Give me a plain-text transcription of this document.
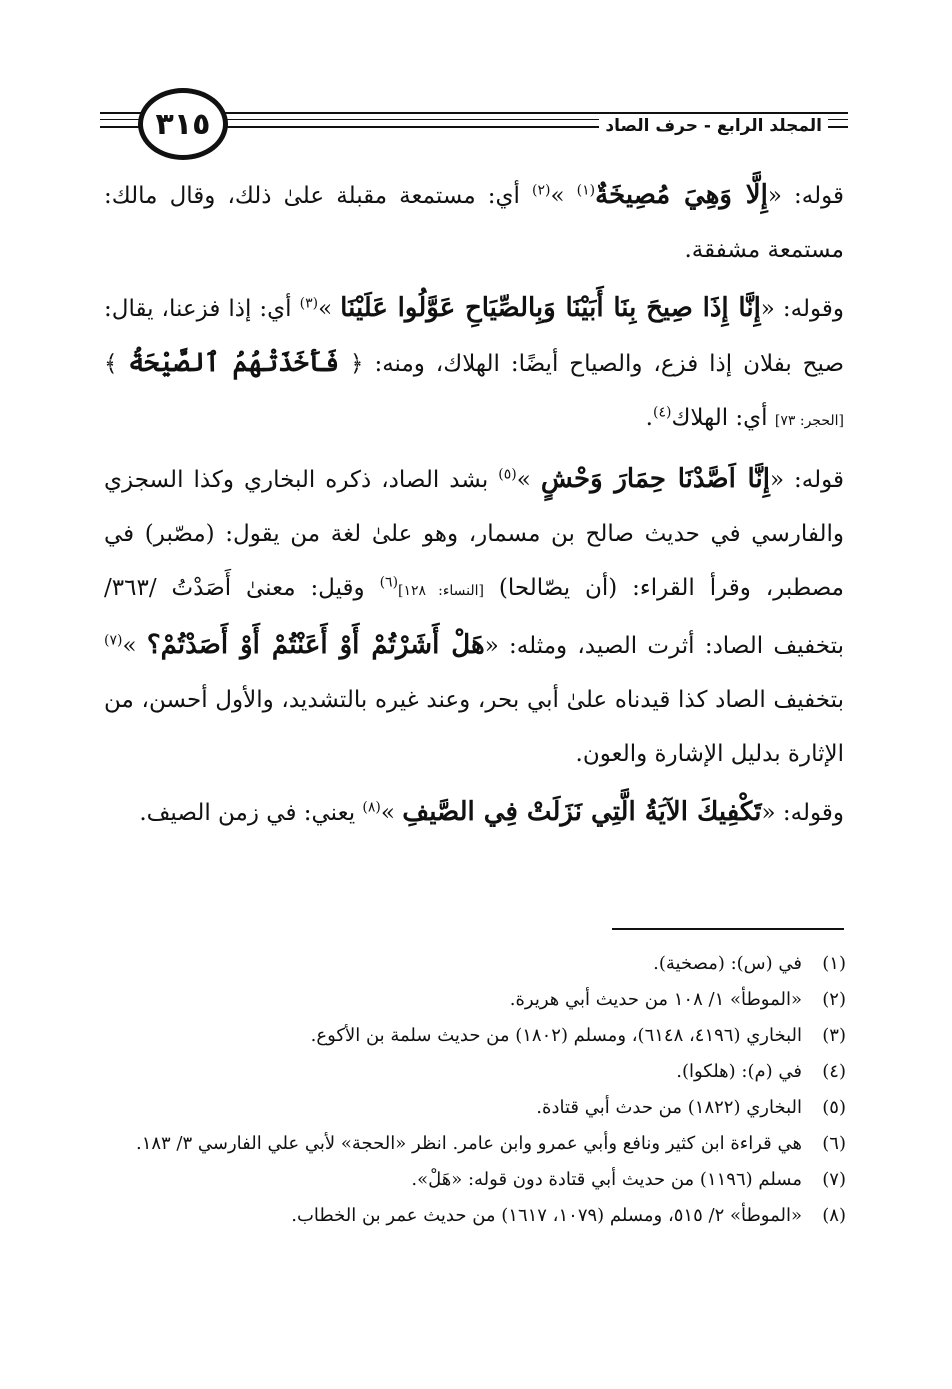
المجلد الرابع - حرف الصاد
٣١٥

قوله: «إِلَّا وَهِيَ مُصِيخَةٌ$^{(١)}$ »$^{(٢)}$ أي: مستمعة مقبلة علىٰ ذلك، وقال مالك: مستمعة مشفقة.

وقوله: «إِنَّا إِذَا صِيحَ بِنَا أَبَيْنَا وَبِالصِّيَاحِ عَوَّلُوا عَلَيْنَا »$^{(٣)}$ أي: إذا فزعنا، يقال: صيح بفلان إذا فزع، والصياح أيضًا: الهلاك، ومنه: ﴿ فَأَخَذَتْهُمُ ٱلصَّيْحَةُ ﴾ [الحجر: ٧٣] أي: الهلاك$^{(٤)}$.

قوله: «إِنَّا اَصَّدْنَا حِمَارَ وَحْشٍ »$^{(٥)}$ بشد الصاد، ذكره البخاري وكذا السجزي والفارسي في حديث صالح بن مسمار، وهو علىٰ لغة من يقول: (مصّبر) في مصطبر، وقرأ القراء: (أن يصّالحا) [النساء: ١٢٨]$^{(٦)}$ وقيل: معنىٰ أَصَدْتُ /٣٦٣/ بتخفيف الصاد: أثرت الصيد، ومثله: «هَلْ أَشَرْتُمْ أَوْ أَعَنْتُمْ أَوْ أَصَدْتُمْ؟ »$^{(٧)}$ بتخفيف الصاد كذا قيدناه علىٰ أبي بحر، وعند غيره بالتشديد، والأول أحسن، من الإثارة بدليل الإشارة والعون.

وقوله: «تَكْفِيكَ الآيَةُ الَّتِي نَزَلَتْ فِي الصَّيفِ »$^{(٨)}$ يعني: في زمن الصيف.

(١)
في (س): (مصخية).
(٢)
«الموطأ» ١/ ١٠٨ من حديث أبي هريرة.
(٣)
البخاري (٤١٩٦، ٦١٤٨)، ومسلم (١٨٠٢) من حديث سلمة بن الأكوع.
(٤)
في (م): (هلكوا).
(٥)
البخاري (١٨٢٢) من حدث أبي قتادة.
(٦)
هي قراءة ابن كثير ونافع وأبي عمرو وابن عامر. انظر «الحجة» لأبي علي الفارسي ٣/ ١٨٣.
(٧)
مسلم (١١٩٦) من حديث أبي قتادة دون قوله: «هَلْ».
(٨)
«الموطأ» ٢/ ٥١٥، ومسلم (١٠٧٩، ١٦١٧) من حديث عمر بن الخطاب.
